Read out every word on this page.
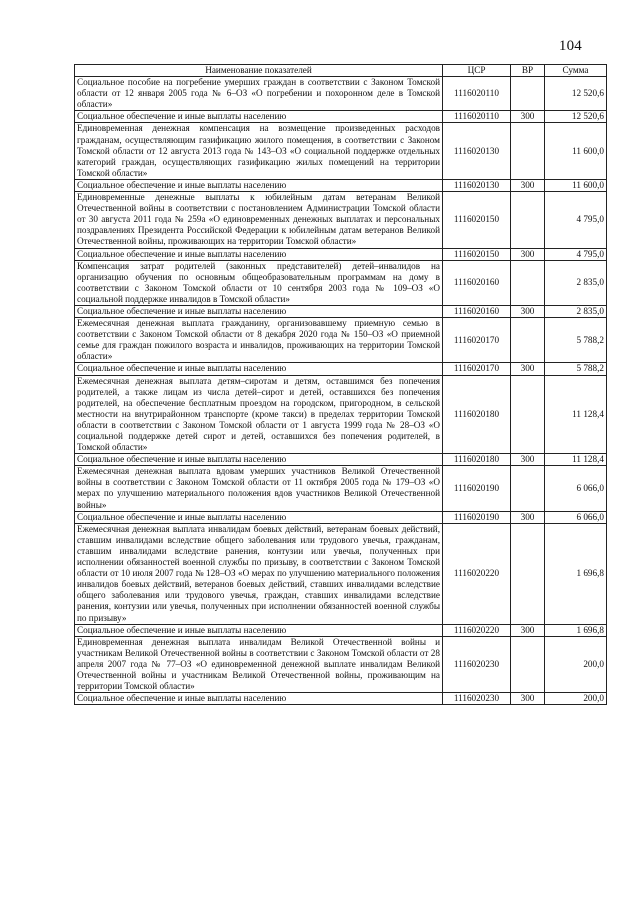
104
Наименование показателей	ЦСР	ВР	Сумма
Социальное пособие на погребение умерших граждан в соответствии с Законом Томской области от 12 января 2005 года № 6–ОЗ «О погребении и похоронном деле в Томской области»	1116020110		12 520,6
Социальное обеспечение и иные выплаты населению	1116020110	300	12 520,6
Единовременная денежная компенсация на возмещение произведенных расходов гражданам, осуществляющим газификацию жилого помещения, в соответствии с Законом Томской области от 12 августа 2013 года № 143–ОЗ «О социальной поддержке отдельных категорий граждан, осуществляющих газификацию жилых помещений на территории Томской области»	1116020130		11 600,0
Социальное обеспечение и иные выплаты населению	1116020130	300	11 600,0
Единовременные денежные выплаты к юбилейным датам ветеранам Великой Отечественной войны в соответствии с постановлением Администрации Томской области от 30 августа 2011 года № 259а «О единовременных денежных выплатах и персональных поздравлениях Президента Российской Федерации к юбилейным датам ветеранов Великой Отечественной войны, проживающих на территории Томской области»	1116020150		4 795,0
Социальное обеспечение и иные выплаты населению	1116020150	300	4 795,0
Компенсация затрат родителей (законных представителей) детей–инвалидов на организацию обучения по основным общеобразовательным программам на дому в соответствии с Законом Томской области от 10 сентября 2003 года № 109–ОЗ «О социальной поддержке инвалидов в Томской области»	1116020160		2 835,0
Социальное обеспечение и иные выплаты населению	1116020160	300	2 835,0
Ежемесячная денежная выплата гражданину, организовавшему приемную семью в соответствии с Законом Томской области от 8 декабря 2020 года № 150–ОЗ «О приемной семье для граждан пожилого возраста и инвалидов, проживающих на территории Томской области»	1116020170		5 788,2
Социальное обеспечение и иные выплаты населению	1116020170	300	5 788,2
Ежемесячная денежная выплата детям–сиротам и детям, оставшимся без попечения родителей, а также лицам из числа детей–сирот и детей, оставшихся без попечения родителей, на обеспечение бесплатным проездом на городском, пригородном, в сельской местности на внутрирайонном транспорте (кроме такси) в пределах территории Томской области в соответствии с Законом Томской области от 1 августа 1999 года № 28–ОЗ «О социальной поддержке детей сирот и детей, оставшихся без попечения родителей, в Томской области»	1116020180		11 128,4
Социальное обеспечение и иные выплаты населению	1116020180	300	11 128,4
Ежемесячная денежная выплата вдовам умерших участников Великой Отечественной войны в соответствии с Законом Томской области от 11 октября 2005 года № 179–ОЗ «О мерах по улучшению материального положения вдов участников Великой Отечественной войны»	1116020190		6 066,0
Социальное обеспечение и иные выплаты населению	1116020190	300	6 066,0
Ежемесячная денежная выплата инвалидам боевых действий, ветеранам боевых действий, ставшим инвалидами вследствие общего заболевания или трудового увечья, гражданам, ставшим инвалидами вследствие ранения, контузии или увечья, полученных при исполнении обязанностей военной службы по призыву, в соответствии с Законом Томской области от 10 июля 2007 года № 128–ОЗ «О мерах по улучшению материального положения инвалидов боевых действий, ветеранов боевых действий, ставших инвалидами вследствие общего заболевания или трудового увечья, граждан, ставших инвалидами вследствие ранения, контузии или увечья, полученных при исполнении обязанностей военной службы по призыву»	1116020220		1 696,8
Социальное обеспечение и иные выплаты населению	1116020220	300	1 696,8
Единовременная денежная выплата инвалидам Великой Отечественной войны и участникам Великой Отечественной войны в соответствии с Законом Томской области от 28 апреля 2007 года № 77–ОЗ «О единовременной денежной выплате инвалидам Великой Отечественной войны и участникам Великой Отечественной войны, проживающим на территории Томской области»	1116020230		200,0
Социальное обеспечение и иные выплаты населению	1116020230	300	200,0
